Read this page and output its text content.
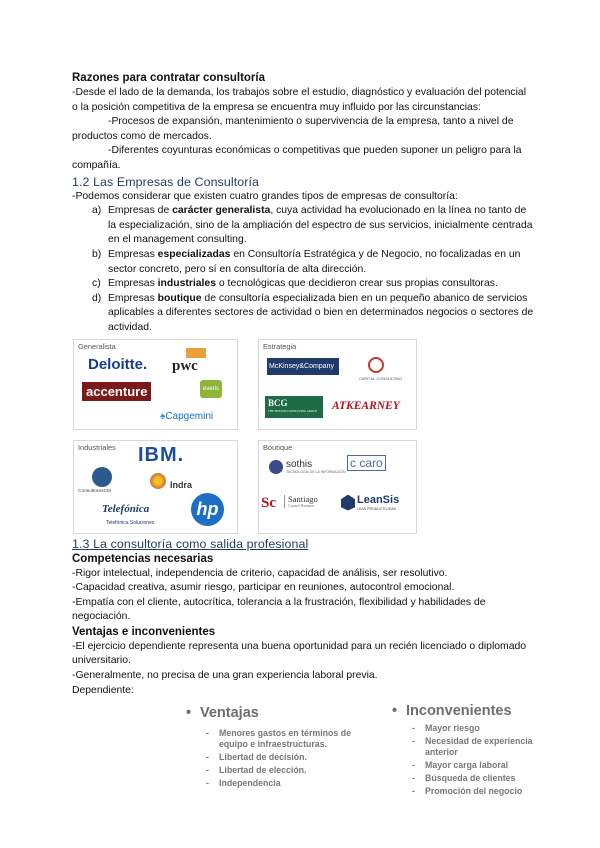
Razones para contratar consultoría

-Desde el lado de la demanda, los trabajos sobre el estudio, diagnóstico y evaluación del potencial o la posición competitiva de la empresa se encuentra muy influido por las circunstancias:

-Procesos de expansión, mantenimiento o supervivencia de la empresa, tanto a nivel de productos como de mercados.

-Diferentes coyunturas económicas o competitivas que pueden suponer un peligro para la compañía.

1.2 Las Empresas de Consultoría

-Podemos considerar que existen cuatro grandes tipos de empresas de consultoría:

a) Empresas de carácter generalista, cuya actividad ha evolucionado en la línea no tanto de la especialización, sino de la ampliación del espectro de sus servicios, inicialmente centrada en el management consulting.
b) Empresas especializadas en Consultoría Estratégica y de Negocio, no focalizadas en un sector concreto, pero sí en consultoría de alta dirección.
c) Empresas industriales o tecnológicas que decidieron crear sus propias consultoras.
d) Empresas boutique de consultoría especializada bien en un pequeño abanico de servicios aplicables a diferentes sectores de actividad o bien en determinados negocios o sectores de actividad.
Generalista
Deloitte. pwc
accenture	everis
♠Capgemini
Estrategia
McKinsey&Company
CAPITAL CONSULTING
BCG
THE BOSTON CONSULTING GROUP ATKEARNEY
Industriales IBM.
ConsultoresCM
Indra
Telefónica
Telefónica Soluciones
hp
Boutique
sothis
TECNOLOGÍA DE LA INFORMACIÓN
c caro
Sc	Santiago
Capital Humano	LeanSis
LEAN PRODUCTIVIDAD
1.3 La consultoría como salida profesional
Competencias necesarias

-Rigor intelectual, independencia de criterio, capacidad de análisis, ser resolutivo.

-Capacidad creativa, asumir riesgo, participar en reuniones, autocontrol emocional.

-Empatía con el cliente, autocrítica, tolerancia a la frustración, flexibilidad y habilidades de negociación.

Ventajas e inconvenientes

-El ejercicio dependiente representa una buena oportunidad para un recién licenciado o diplomado universitario.

-Generalmente, no precisa de una gran experiencia laboral previa.

Dependiente:

• Ventajas
- Menores gastos en términos de equipo e infraestructuras.
- Libertad de decisión.
- Libertad de elección.
- Independencia
• Inconvenientes
- Mayor riesgo
- Necesidad de experiencia anterior
- Mayor carga laboral
- Búsqueda de clientes
- Promoción del negocio
